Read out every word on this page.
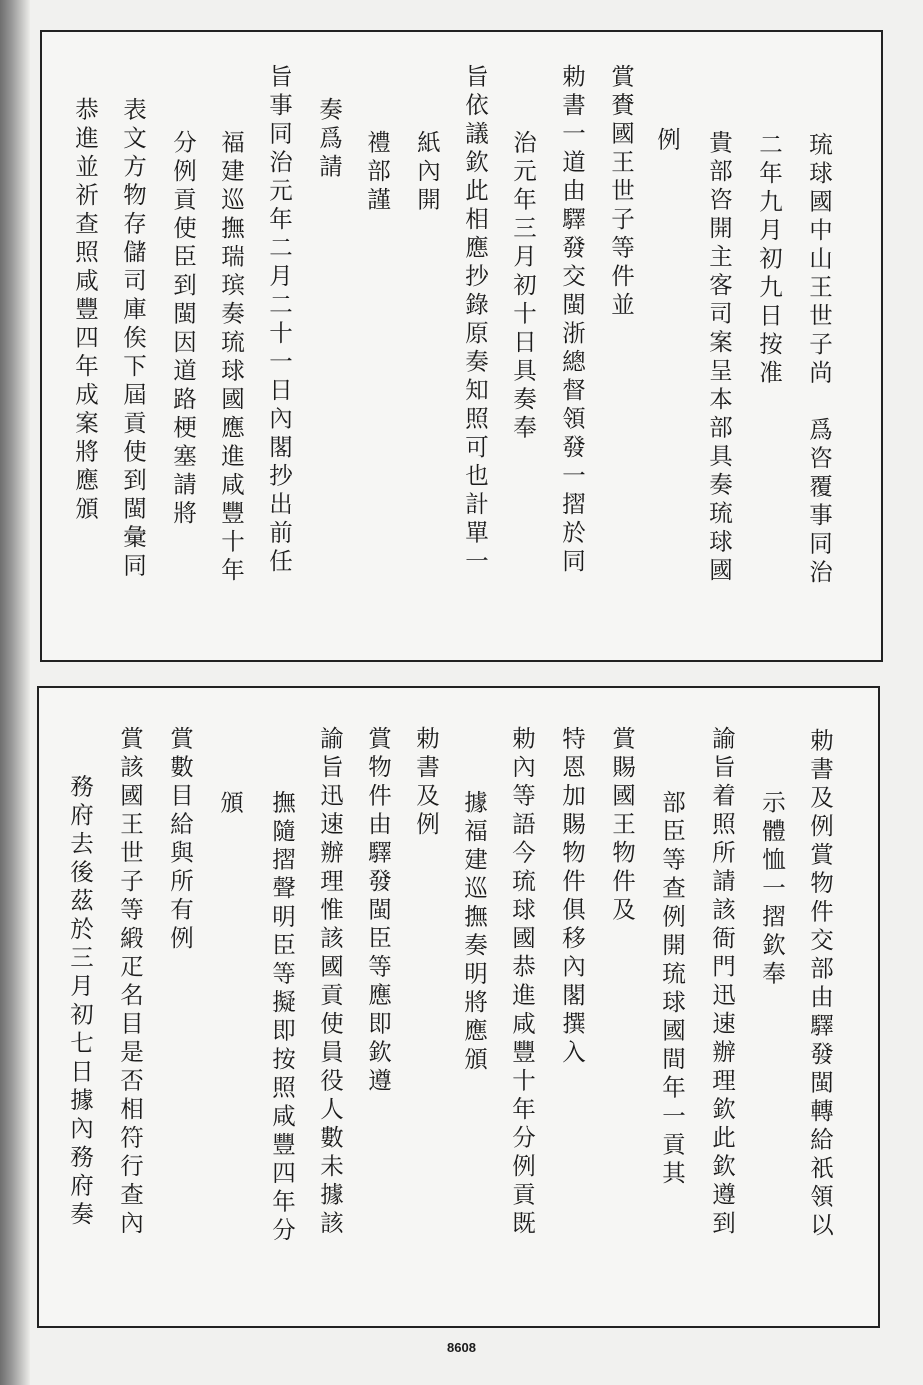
琉球國中山王世子尚　爲咨覆事同治
二年九月初九日按准
貴部咨開主客司案呈本部具奏琉球國
例
賞賚國王世子等件並
勅書一道由驛發交閩浙總督領發一摺於同
治元年三月初十日具奏奉
旨依議欽此相應抄錄原奏知照可也計單一
紙內開
禮部謹
奏爲請
旨事同治元年二月二十一日內閣抄出前任
福建巡撫瑞瑸奏琉球國應進咸豐十年
分例貢使臣到閩因道路梗塞請將
表文方物存儲司庫俟下屆貢使到閩彙同
恭進並祈查照咸豐四年成案將應頒
勅書及例賞物件交部由驛發閩轉給祇領以
示體恤一摺欽奉
諭旨着照所請該衙門迅速辦理欽此欽遵到
部臣等查例開琉球國間年一貢其
賞賜國王物件及
特恩加賜物件俱移內閣撰入
勅內等語今琉球國恭進咸豐十年分例貢既
據福建巡撫奏明將應頒
勅書及例
賞物件由驛發閩臣等應即欽遵
諭旨迅速辦理惟該國貢使員役人數未據該
撫隨摺聲明臣等擬即按照咸豐四年分
頒
賞數目給與所有例
賞該國王世子等緞疋名目是否相符行查內
務府去後茲於三月初七日據內務府奏
8608
